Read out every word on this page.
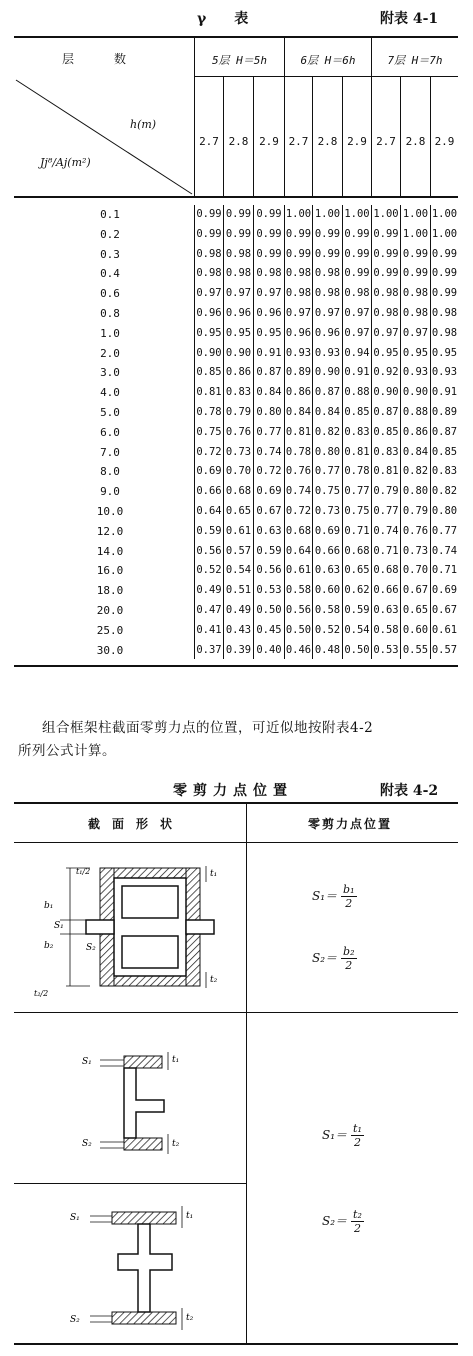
γ　　表	附表 4-1
层　　　数	5层 H＝5h	6层 H＝6h	7层 H＝7h
h(m)
Jj⁸/Aj(m²)
2.7 2.8 2.9 2.7 2.8 2.9 2.7 2.8 2.9
0.1	0.99 0.99 0.99 1.00 1.00 1.00 1.00 1.00 1.00
0.2	0.99 0.99 0.99 0.99 0.99 0.99 0.99 1.00 1.00
0.3	0.98 0.98 0.99 0.99 0.99 0.99 0.99 0.99 0.99
0.4	0.98 0.98 0.98 0.98 0.98 0.99 0.99 0.99 0.99
0.6	0.97 0.97 0.97 0.98 0.98 0.98 0.98 0.98 0.99
0.8	0.96 0.96 0.96 0.97 0.97 0.97 0.98 0.98 0.98
1.0	0.95 0.95 0.95 0.96 0.96 0.97 0.97 0.97 0.98
2.0	0.90 0.90 0.91 0.93 0.93 0.94 0.95 0.95 0.95
3.0	0.85 0.86 0.87 0.89 0.90 0.91 0.92 0.93 0.93
4.0	0.81 0.83 0.84 0.86 0.87 0.88 0.90 0.90 0.91
5.0	0.78 0.79 0.80 0.84 0.84 0.85 0.87 0.88 0.89
6.0	0.75 0.76 0.77 0.81 0.82 0.83 0.85 0.86 0.87
7.0	0.72 0.73 0.74 0.78 0.80 0.81 0.83 0.84 0.85
8.0	0.69 0.70 0.72 0.76 0.77 0.78 0.81 0.82 0.83
9.0	0.66 0.68 0.69 0.74 0.75 0.77 0.79 0.80 0.82
10.0	0.64 0.65 0.67 0.72 0.73 0.75 0.77 0.79 0.80
12.0	0.59 0.61 0.63 0.68 0.69 0.71 0.74 0.76 0.77
14.0	0.56 0.57 0.59 0.64 0.66 0.68 0.71 0.73 0.74
16.0	0.52 0.54 0.56 0.61 0.63 0.65 0.68 0.70 0.71
18.0	0.49 0.51 0.53 0.58 0.60 0.62 0.66 0.67 0.69
20.0	0.47 0.49 0.50 0.56 0.58 0.59 0.63 0.65 0.67
25.0	0.41 0.43 0.45 0.50 0.52 0.54 0.58 0.60 0.61
30.0	0.37 0.39 0.40 0.46 0.48 0.50 0.53 0.55 0.57
组合框架柱截面零剪力点的位置，可近似地按附表4-2
所列公式计算。
零剪力点位置	附表 4-2
截　面　形　状	零剪力点位置
b₁
b₂
S₁
t₁/2
t₂/2
t₁
t₂
S₂
S₁
S₂
t₁
t₂
S₁
S₂
t₁
t₂
$S_1= \frac{\text{b₁}}{2}$
$S_2= \frac{\text{b₂}}{2}$
$S_1= \frac{\text{t₁}}{2}$
$S_2= \frac{\text{t₂}}{2}$
